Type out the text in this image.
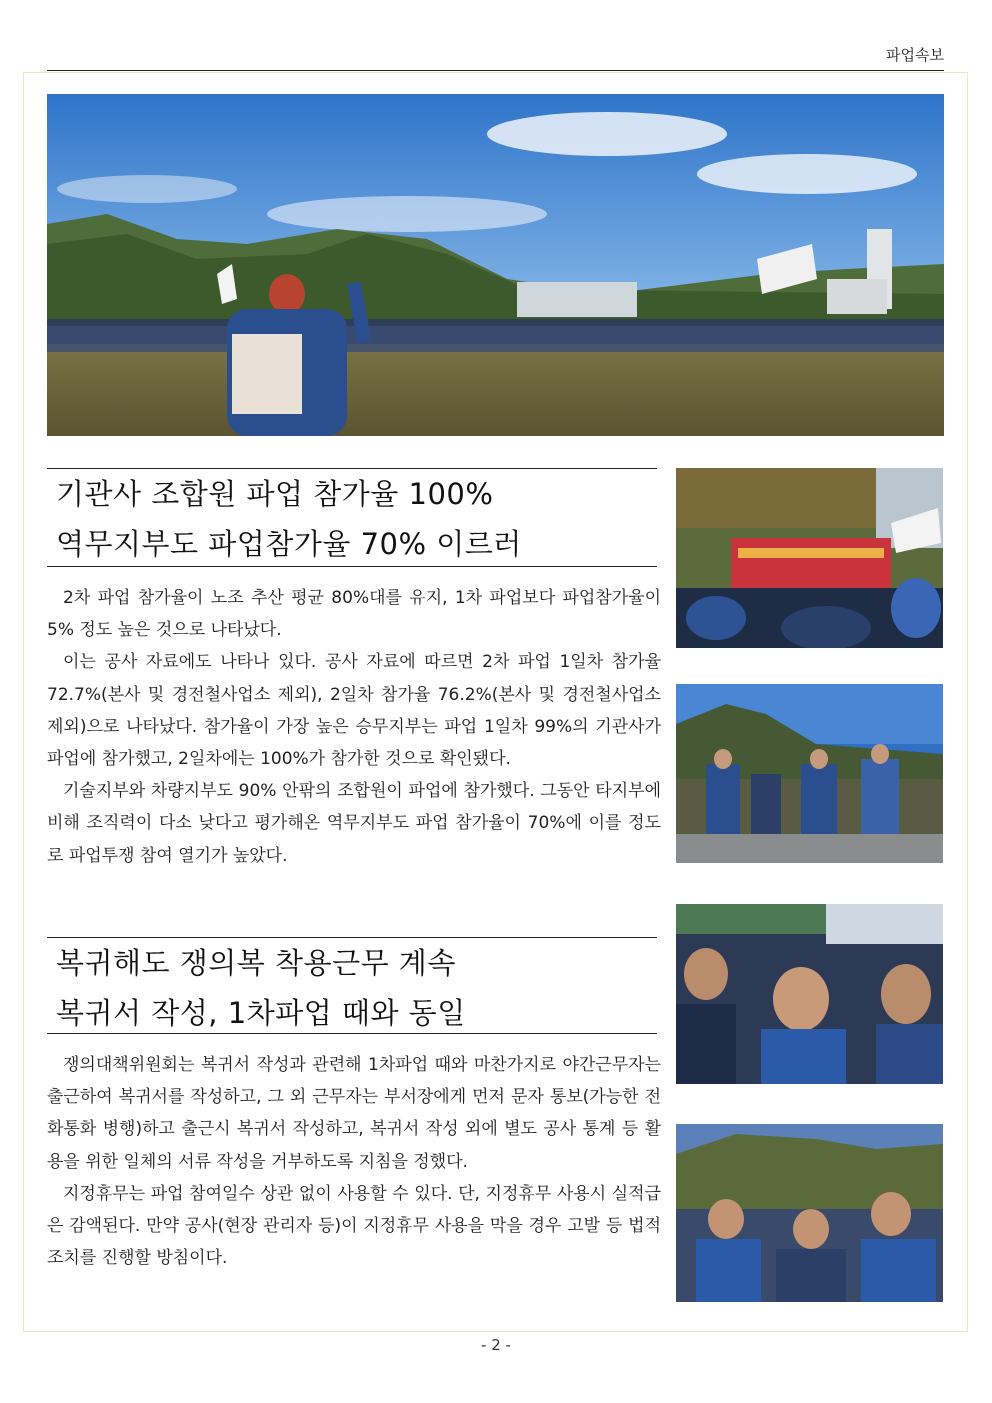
파업속보
기관사 조합원 파업 참가율 100%
역무지부도 파업참가율 70% 이르러

2차 파업 참가율이 노조 추산 평균 80%대를 유지, 1차 파업보다 파업참가율이 5% 정도 높은 것으로 나타났다.

이는 공사 자료에도 나타나 있다. 공사 자료에 따르면 2차 파업 1일차 참가율 72.7%(본사 및 경전철사업소 제외), 2일차 참가율 76.2%(본사 및 경전철사업소 제외)으로 나타났다. 참가율이 가장 높은 승무지부는 파업 1일차 99%의 기관사가 파업에 참가했고, 2일차에는 100%가 참가한 것으로 확인됐다.

기술지부와 차량지부도 90% 안팎의 조합원이 파업에 참가했다. 그동안 타지부에 비해 조직력이 다소 낮다고 평가해온 역무지부도 파업 참가율이 70%에 이를 정도로 파업투쟁 참여 열기가 높았다.

복귀해도 쟁의복 착용근무 계속
복귀서 작성, 1차파업 때와 동일

쟁의대책위원회는 복귀서 작성과 관련해 1차파업 때와 마찬가지로 야간근무자는 출근하여 복귀서를 작성하고, 그 외 근무자는 부서장에게 먼저 문자 통보(가능한 전화통화 병행)하고 출근시 복귀서 작성하고, 복귀서 작성 외에 별도 공사 통계 등 활용을 위한 일체의 서류 작성을 거부하도록 지침을 정했다.

지정휴무는 파업 참여일수 상관 없이 사용할 수 있다. 단, 지정휴무 사용시 실적급은 감액된다. 만약 공사(현장 관리자 등)이 지정휴무 사용을 막을 경우 고발 등 법적 조치를 진행할 방침이다.

- 2 -
